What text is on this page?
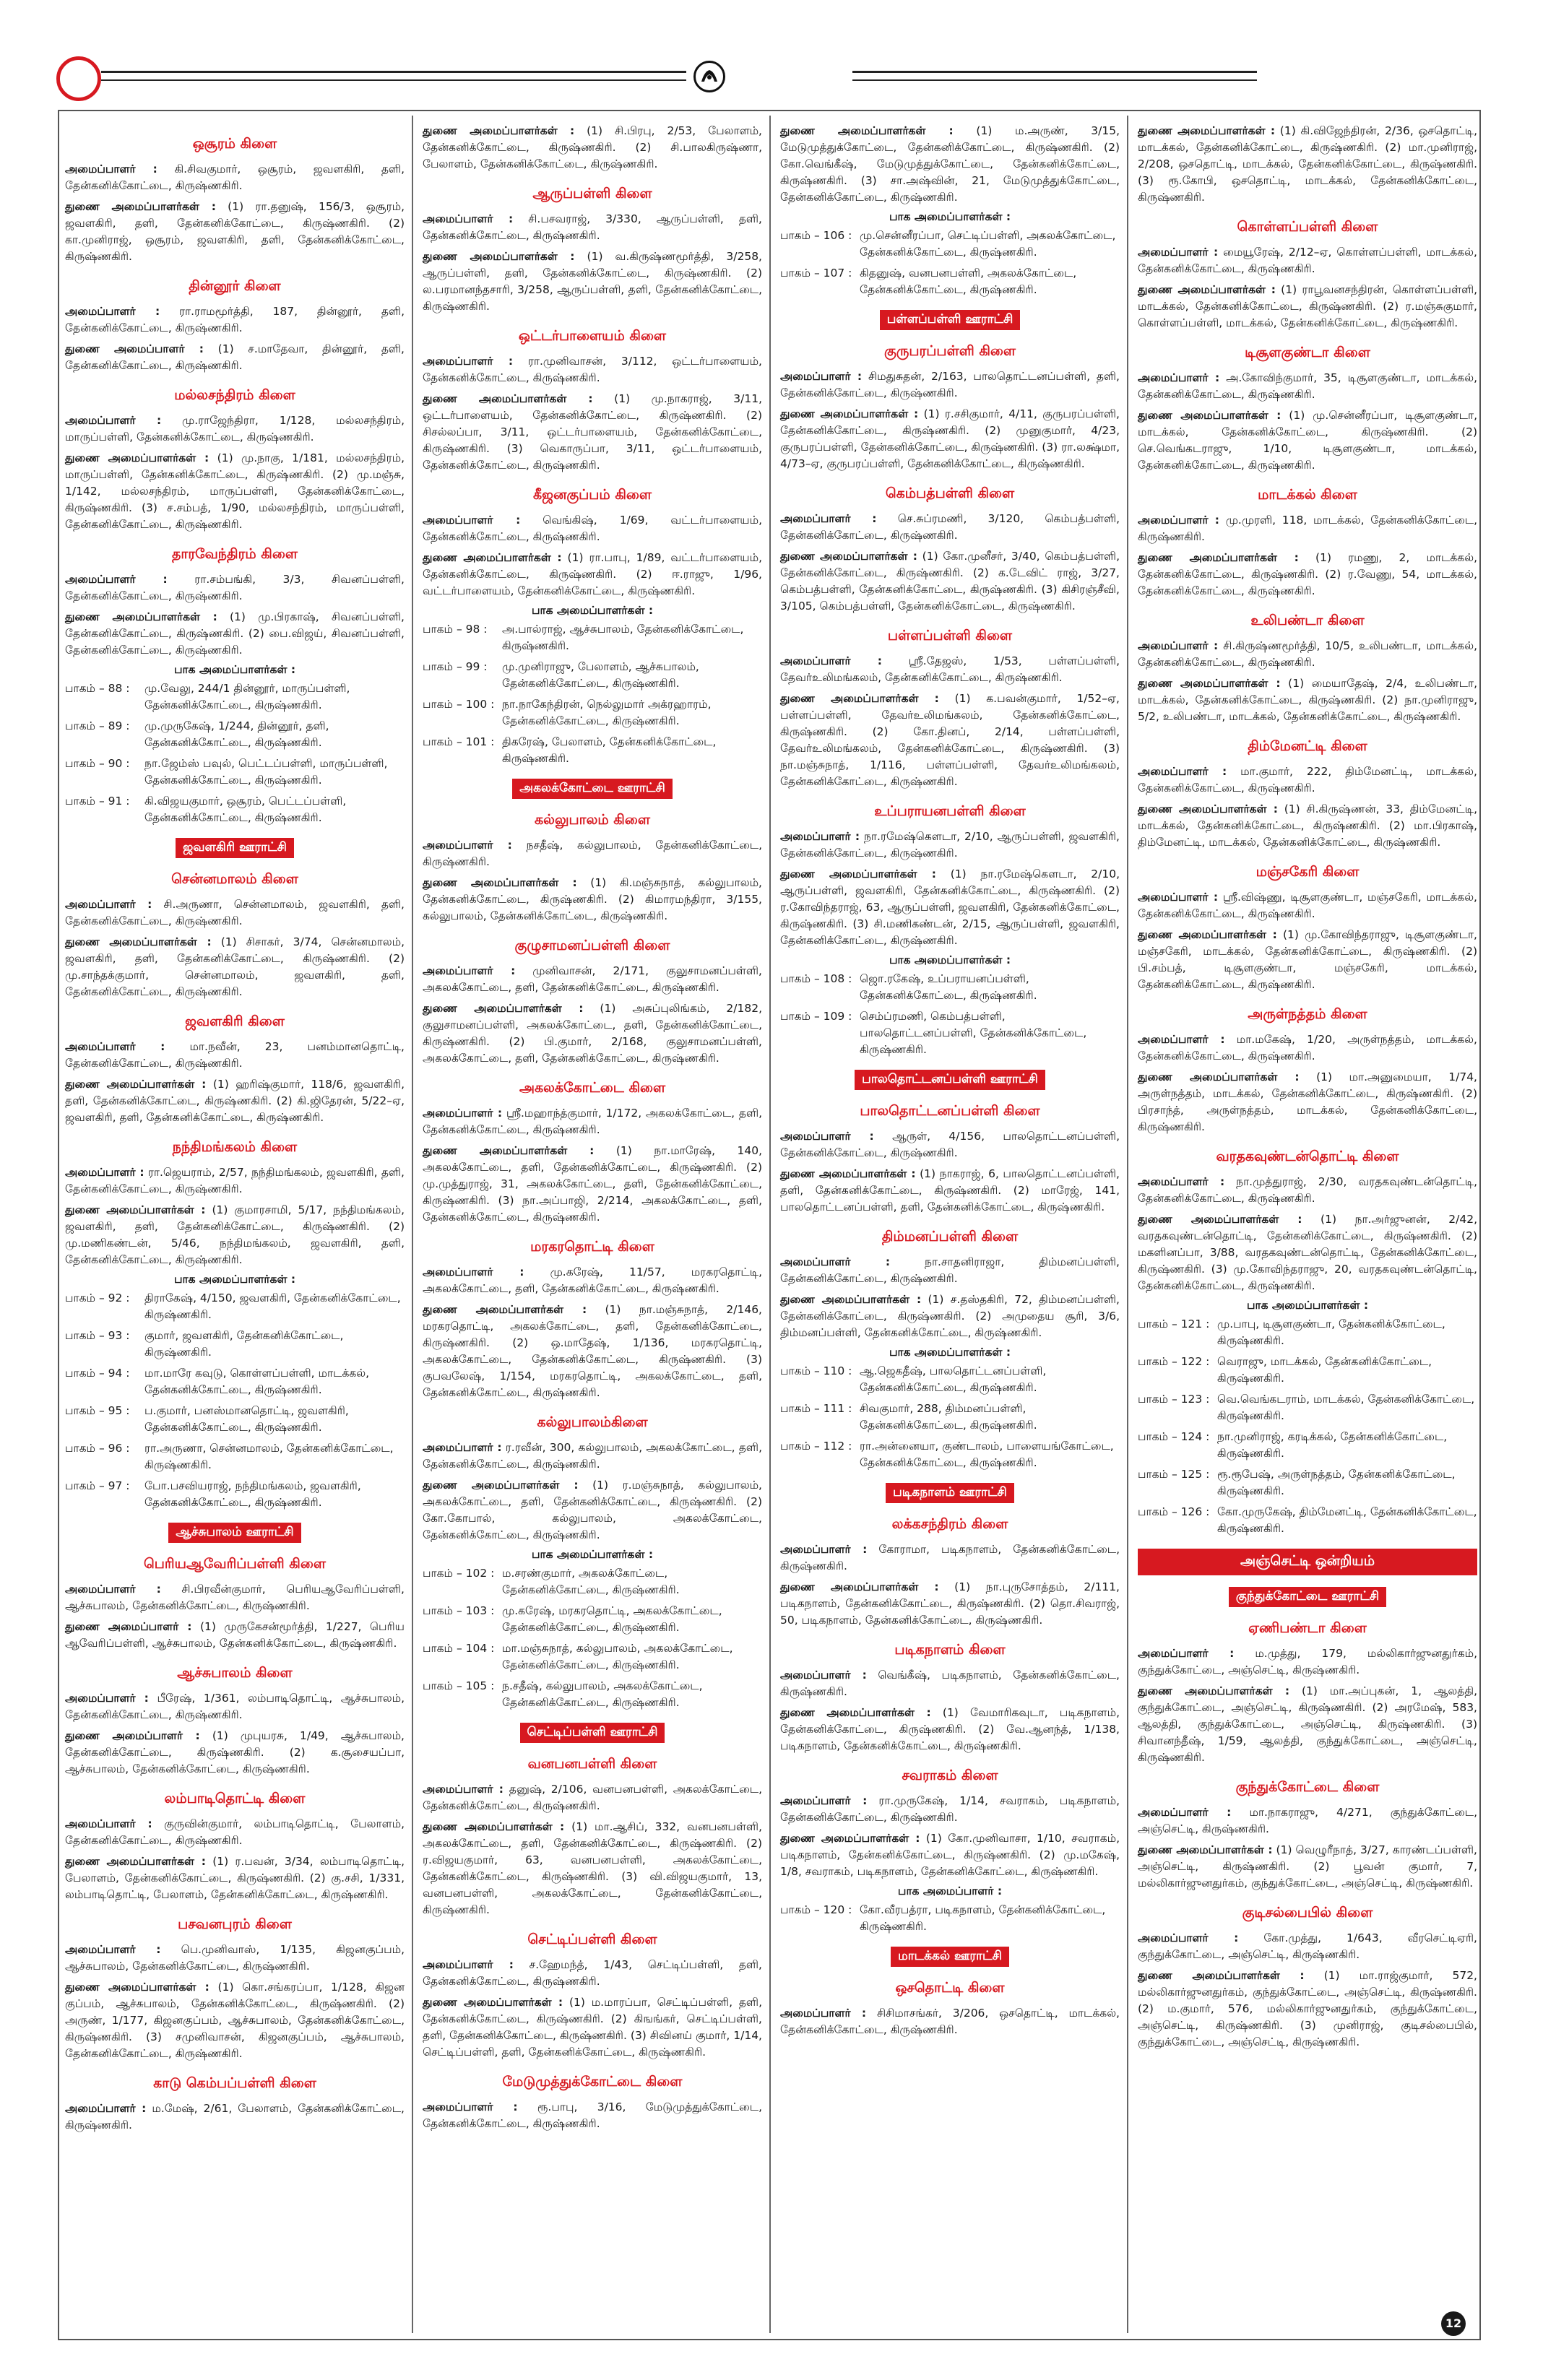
ஒசூரம் கிளை

அமைப்பாளர் : கி.சிவகுமார், ஒசூரம், ஜவளகிரி, தளி, தேன்கனிக்கோட்டை, கிருஷ்ணகிரி.

துணை அமைப்பாளர்கள் : (1) ரா.தனுஷ், 156/3, ஒசூரம், ஜவளகிரி, தளி, தேன்கனிக்கோட்டை, கிருஷ்ணகிரி. (2) கா.முனிராஜ், ஒசூரம், ஜவளகிரி, தளி, தேன்கனிக்கோட்டை, கிருஷ்ணகிரி.

தின்னூர் கிளை

அமைப்பாளர் : ரா.ராமமூர்த்தி, 187, தின்னூர், தளி, தேன்கனிக்கோட்டை, கிருஷ்ணகிரி.

துணை அமைப்பாளர் : (1) ச.மாதேவா, தின்னூர், தளி, தேன்கனிக்கோட்டை, கிருஷ்ணகிரி.

மல்லசந்திரம் கிளை

அமைப்பாளர் : மு.ராஜேந்திரா, 1/128, மல்லசந்திரம், மாருப்பள்ளி, தேன்கனிக்கோட்டை, கிருஷ்ணகிரி.

துணை அமைப்பாளர்கள் : (1) மு.நாகு, 1/181, மல்லசந்திரம், மாருப்பள்ளி, தேன்கனிக்கோட்டை, கிருஷ்ணகிரி. (2) மு.மஞ்சு, 1/142, மல்லசந்திரம், மாருப்பள்ளி, தேன்கனிக்கோட்டை, கிருஷ்ணகிரி. (3) ச.சம்பத், 1/90, மல்லசந்திரம், மாருப்பள்ளி, தேன்கனிக்கோட்டை, கிருஷ்ணகிரி.

தாரவேந்திரம் கிளை

அமைப்பாளர் : ரா.சம்பங்கி, 3/3, சிவனப்பள்ளி, தேன்கனிக்கோட்டை, கிருஷ்ணகிரி.

துணை அமைப்பாளர்கள் : (1) மு.பிரகாஷ், சிவனப்பள்ளி, தேன்கனிக்கோட்டை, கிருஷ்ணகிரி. (2) பை.விஜய், சிவனப்பள்ளி, தேன்கனிக்கோட்டை, கிருஷ்ணகிரி.

பாக அமைப்பாளர்கள் :
பாகம் – 88 :	மு.வேலு, 244/1 தின்னூர், மாருப்பள்ளி, தேன்கனிக்கோட்டை, கிருஷ்ணகிரி.
பாகம் – 89 :	மு.முருகேஷ், 1/244, தின்னூர், தளி, தேன்கனிக்கோட்டை, கிருஷ்ணகிரி.
பாகம் – 90 :	நா.ஜேம்ஸ் பவுல், பெட்டப்பள்ளி, மாருப்பள்ளி, தேன்கனிக்கோட்டை, கிருஷ்ணகிரி.
பாகம் – 91 :	கி.விஜயகுமார், ஒசூரம், பெட்டப்பள்ளி, தேன்கனிக்கோட்டை, கிருஷ்ணகிரி.
ஜவளகிரி ஊராட்சி
சென்னமாலம் கிளை

அமைப்பாளர் : சி.அருணா, சென்னமாலம், ஜவளகிரி, தளி, தேன்கனிக்கோட்டை, கிருஷ்ணகிரி.

துணை அமைப்பாளர்கள் : (1) சிசாகர், 3/74, சென்னமாலம், ஜவளகிரி, தளி, தேன்கனிக்கோட்டை, கிருஷ்ணகிரி. (2) மு.சாந்தக்குமார், சென்னமாலம், ஜவளகிரி, தளி, தேன்கனிக்கோட்டை, கிருஷ்ணகிரி.

ஜவளகிரி கிளை

அமைப்பாளர் : மா.நவீன், 23, பனம்மானதொட்டி, தேன்கனிக்கோட்டை, கிருஷ்ணகிரி.

துணை அமைப்பாளர்கள் : (1) ஹரிஷ்குமார், 118/6, ஜவளகிரி, தளி, தேன்கனிக்கோட்டை, கிருஷ்ணகிரி. (2) கி.ஜிதேரன், 5/22–ஏ, ஜவளகிரி, தளி, தேன்கனிக்கோட்டை, கிருஷ்ணகிரி.

நந்திமங்கலம் கிளை

அமைப்பாளர் : ரா.ஜெயராம், 2/57, நந்திமங்கலம், ஜவளகிரி, தளி, தேன்கனிக்கோட்டை, கிருஷ்ணகிரி.

துணை அமைப்பாளர்கள் : (1) குமாரசாமி, 5/17, நந்திமங்கலம், ஜவளகிரி, தளி, தேன்கனிக்கோட்டை, கிருஷ்ணகிரி. (2) மு.மணிகண்டன், 5/46, நந்திமங்கலம், ஜவளகிரி, தளி, தேன்கனிக்கோட்டை, கிருஷ்ணகிரி.

பாக அமைப்பாளர்கள் :
பாகம் – 92 :	திராகேஷ், 4/150, ஜவளகிரி, தேன்கனிக்கோட்டை, கிருஷ்ணகிரி.
பாகம் – 93 :	குமார், ஜவளகிரி, தேன்கனிக்கோட்டை, கிருஷ்ணகிரி.
பாகம் – 94 :	மா.மாரே கவுடு, கொள்ளப்பள்ளி, மாடக்கல், தேன்கனிக்கோட்டை, கிருஷ்ணகிரி.
பாகம் – 95 :	ப.குமார், பனஸ்மானதொட்டி, ஜவளகிரி, தேன்கனிக்கோட்டை, கிருஷ்ணகிரி.
பாகம் – 96 :	ரா.அருணா, சென்னமாலம், தேன்கனிக்கோட்டை, கிருஷ்ணகிரி.
பாகம் – 97 :	போ.பசவியராஜ், நந்திமங்கலம், ஜவளகிரி, தேன்கனிக்கோட்டை, கிருஷ்ணகிரி.
ஆச்சுபாலம் ஊராட்சி
பெரியஆவேரிப்பள்ளி கிளை

அமைப்பாளர் : சி.பிரவீன்குமார், பெரியஆவேரிப்பள்ளி, ஆச்சுபாலம், தேன்கனிக்கோட்டை, கிருஷ்ணகிரி.

துணை அமைப்பாளர் : (1) முருகேசன்மூர்த்தி, 1/227, பெரிய ஆவேரிப்பள்ளி, ஆச்சுபாலம், தேன்கனிக்கோட்டை, கிருஷ்ணகிரி.

ஆச்சுபாலம் கிளை

அமைப்பாளர் : பீரேஷ், 1/361, லம்பாடிதொட்டி, ஆச்சுபாலம், தேன்கனிக்கோட்டை, கிருஷ்ணகிரி.

துணை அமைப்பாளர் : (1) முபுயரசு, 1/49, ஆச்சுபாலம், தேன்கனிக்கோட்டை, கிருஷ்ணகிரி. (2) க.சூசையப்பா, ஆச்சுபாலம், தேன்கனிக்கோட்டை, கிருஷ்ணகிரி.

லம்பாடிதொட்டி கிளை

அமைப்பாளர் : குருவின்குமார், லம்பாடிதொட்டி, பேலாளம், தேன்கனிக்கோட்டை, கிருஷ்ணகிரி.

துணை அமைப்பாளர்கள் : (1) ர.பவன், 3/34, லம்பாடிதொட்டி, பேலாளம், தேன்கனிக்கோட்டை, கிருஷ்ணகிரி. (2) கு.சசி, 1/331, லம்பாடிதொட்டி, பேலாளம், தேன்கனிக்கோட்டை, கிருஷ்ணகிரி.

பசவனபுரம் கிளை

அமைப்பாளர் : பெ.முனிவாஸ், 1/135, கிஜனகுப்பம், ஆச்சுபாலம், தேன்கனிக்கோட்டை, கிருஷ்ணகிரி.

துணை அமைப்பாளர்கள் : (1) கொ.சங்கரப்பா, 1/128, கிஜன குப்பம், ஆச்சுபாலம், தேன்கனிக்கோட்டை, கிருஷ்ணகிரி. (2) அருண், 1/177, கிஜனகுப்பம், ஆச்சுபாலம், தேன்கனிக்கோட்டை, கிருஷ்ணகிரி. (3) சமுனிவாசன், கிஜனகுப்பம், ஆச்சுபாலம், தேன்கனிக்கோட்டை, கிருஷ்ணகிரி.

காடு கெம்பப்பள்ளி கிளை

அமைப்பாளர் : ம.மேஷ், 2/61, பேலாளம், தேன்கனிக்கோட்டை, கிருஷ்ணகிரி.

துணை அமைப்பாளர்கள் : (1) சி.பிரபு, 2/53, பேலாளம், தேன்கனிக்கோட்டை, கிருஷ்ணகிரி. (2) சி.பாலகிருஷ்ணா, பேலாளம், தேன்கனிக்கோட்டை, கிருஷ்ணகிரி.

ஆருப்பள்ளி கிளை

அமைப்பாளர் : சி.பசவராஜ், 3/330, ஆருப்பள்ளி, தளி, தேன்கனிக்கோட்டை, கிருஷ்ணகிரி.

துணை அமைப்பாளர்கள் : (1) வ.கிருஷ்ணமூர்த்தி, 3/258, ஆருப்பள்ளி, தளி, தேன்கனிக்கோட்டை, கிருஷ்ணகிரி. (2) ல.பரமானந்தசாரி, 3/258, ஆருப்பள்ளி, தளி, தேன்கனிக்கோட்டை, கிருஷ்ணகிரி.

ஒட்டர்பாளையம் கிளை

அமைப்பாளர் : ரா.முனிவாசன், 3/112, ஒட்டர்பாளையம், தேன்கனிக்கோட்டை, கிருஷ்ணகிரி.

துணை அமைப்பாளர்கள் : (1) மு.நாகராஜ், 3/11, ஒட்டர்பாளையம், தேன்கனிக்கோட்டை, கிருஷ்ணகிரி. (2) சிசல்லப்பா, 3/11, ஒட்டர்பாளையம், தேன்கனிக்கோட்டை, கிருஷ்ணகிரி. (3) வெகாருப்பா, 3/11, ஒட்டர்பாளையம், தேன்கனிக்கோட்டை, கிருஷ்ணகிரி.

கீஜனகுப்பம் கிளை

அமைப்பாளர் : வெங்கிஷ், 1/69, வட்டர்பாளையம், தேன்கனிக்கோட்டை, கிருஷ்ணகிரி.

துணை அமைப்பாளர்கள் : (1) ரா.பாபு, 1/89, வட்டர்பாளையம், தேன்கனிக்கோட்டை, கிருஷ்ணகிரி. (2) ஈ.ராஜு, 1/96, வட்டர்பாளையம், தேன்கனிக்கோட்டை, கிருஷ்ணகிரி.

பாக அமைப்பாளர்கள் :
பாகம் – 98 :	அ.பால்ராஜ், ஆச்சுபாலம், தேன்கனிக்கோட்டை, கிருஷ்ணகிரி.
பாகம் – 99 :	மு.முனிராஜு, பேலாளம், ஆச்சுபாலம், தேன்கனிக்கோட்டை, கிருஷ்ணகிரி.
பாகம் – 100 : நா.நாகேந்திரன், நெல்லுமார் அக்ரஹாரம், தேன்கனிக்கோட்டை, கிருஷ்ணகிரி.
பாகம் – 101 : திகரேஷ், பேலாளம், தேன்கனிக்கோட்டை, கிருஷ்ணகிரி.
அகலக்கோட்டை ஊராட்சி
கல்லுபாலம் கிளை

அமைப்பாளர் : நசதீஷ், கல்லுபாலம், தேன்கனிக்கோட்டை, கிருஷ்ணகிரி.

துணை அமைப்பாளர்கள் : (1) கி.மஞ்சுநாத், கல்லுபாலம், தேன்கனிக்கோட்டை, கிருஷ்ணகிரி. (2) கிமாரமந்திரா, 3/155, கல்லுபாலம், தேன்கனிக்கோட்டை, கிருஷ்ணகிரி.

குழுசாமனப்பள்ளி கிளை

அமைப்பாளர் : முனிவாசன், 2/171, குலுசாமனப்பள்ளி, அகலக்கோட்டை, தளி, தேன்கனிக்கோட்டை, கிருஷ்ணகிரி.

துணை அமைப்பாளர்கள் : (1) அசுப்புலிங்கம், 2/182, குலுசாமனப்பள்ளி, அகலக்கோட்டை, தளி, தேன்கனிக்கோட்டை, கிருஷ்ணகிரி. (2) பி.குமார், 2/168, குலுசாமனப்பள்ளி, அகலக்கோட்டை, தளி, தேன்கனிக்கோட்டை, கிருஷ்ணகிரி.

அகலக்கோட்டை கிளை

அமைப்பாளர் : ஸ்ரீ.மஹாந்த்குமார், 1/172, அகலக்கோட்டை, தளி, தேன்கனிக்கோட்டை, கிருஷ்ணகிரி.

துணை அமைப்பாளர்கள் : (1) நா.மாரேஷ், 140, அகலக்கோட்டை, தளி, தேன்கனிக்கோட்டை, கிருஷ்ணகிரி. (2) மு.முத்துராஜ், 31, அகலக்கோட்டை, தளி, தேன்கனிக்கோட்டை, கிருஷ்ணகிரி. (3) நா.அப்பாஜி, 2/214, அகலக்கோட்டை, தளி, தேன்கனிக்கோட்டை, கிருஷ்ணகிரி.

மரகரதொட்டி கிளை

அமைப்பாளர் : மு.கரேஷ், 11/57, மரகரதொட்டி, அகலக்கோட்டை, தளி, தேன்கனிக்கோட்டை, கிருஷ்ணகிரி.

துணை அமைப்பாளர்கள் : (1) நா.மஞ்சுநாத், 2/146, மரகரதொட்டி, அகலக்கோட்டை, தளி, தேன்கனிக்கோட்டை, கிருஷ்ணகிரி. (2) ஒ.மாதேஷ், 1/136, மரகரதொட்டி, அகலக்கோட்டை, தேன்கனிக்கோட்டை, கிருஷ்ணகிரி. (3) குபவலேஷ், 1/154, மரகரதொட்டி, அகலக்கோட்டை, தளி, தேன்கனிக்கோட்டை, கிருஷ்ணகிரி.

கல்லுபாலம்கிளை

அமைப்பாளர் : ர.ரவீன், 300, கல்லுபாலம், அகலக்கோட்டை, தளி, தேன்கனிக்கோட்டை, கிருஷ்ணகிரி.

துணை அமைப்பாளர்கள் : (1) ர.மஞ்சுநாத், கல்லுபாலம், அகலக்கோட்டை, தளி, தேன்கனிக்கோட்டை, கிருஷ்ணகிரி. (2) கோ.கோபால், கல்லுபாலம், அகலக்கோட்டை, தேன்கனிக்கோட்டை, கிருஷ்ணகிரி.

பாக அமைப்பாளர்கள் :
பாகம் – 102 : ம.சரண்குமார், அகலக்கோட்டை, தேன்கனிக்கோட்டை, கிருஷ்ணகிரி.
பாகம் – 103 : மு.கரேஷ், மரகரதொட்டி, அகலக்கோட்டை, தேன்கனிக்கோட்டை, கிருஷ்ணகிரி.
பாகம் – 104 : மா.மஞ்சுநாத், கல்லுபாலம், அகலக்கோட்டை, தேன்கனிக்கோட்டை, கிருஷ்ணகிரி.
பாகம் – 105 : ந.சதீஷ், கல்லுபாலம், அகலக்கோட்டை, தேன்கனிக்கோட்டை, கிருஷ்ணகிரி.
செட்டிப்பள்ளி ஊராட்சி
வனபனபள்ளி கிளை

அமைப்பாளர் : தனுஷ், 2/106, வனபனபள்ளி, அகலக்கோட்டை, தேன்கனிக்கோட்டை, கிருஷ்ணகிரி.

துணை அமைப்பாளர்கள் : (1) மா.ஆசிப், 332, வனபனபள்ளி, அகலக்கோட்டை, தளி, தேன்கனிக்கோட்டை, கிருஷ்ணகிரி. (2) ர.விஜயகுமார், 63, வனபனபள்ளி, அகலக்கோட்டை, தேன்கனிக்கோட்டை, கிருஷ்ணகிரி. (3) வி.விஜயகுமார், 13, வனபனபள்ளி, அகலக்கோட்டை, தேன்கனிக்கோட்டை, கிருஷ்ணகிரி.

செட்டிப்பள்ளி கிளை

அமைப்பாளர் : ச.ஹேமந்த், 1/43, செட்டிப்பள்ளி, தளி, தேன்கனிக்கோட்டை, கிருஷ்ணகிரி.

துணை அமைப்பாளர்கள் : (1) ம.மாரப்பா, செட்டிப்பள்ளி, தளி, தேன்கனிக்கோட்டை, கிருஷ்ணகிரி. (2) கிஙங்கர், செட்டிப்பள்ளி, தளி, தேன்கனிக்கோட்டை, கிருஷ்ணகிரி. (3) சிவினய் குமார், 1/14, செட்டிப்பள்ளி, தளி, தேன்கனிக்கோட்டை, கிருஷ்ணகிரி.

மேடுமுத்துக்கோட்டை கிளை

அமைப்பாளர் : ரூ.பாபு, 3/16, மேடுமுத்துக்கோட்டை, தேன்கனிக்கோட்டை, கிருஷ்ணகிரி.

துணை அமைப்பாளர்கள் : (1) ம.அருண், 3/15, மேடுமுத்துக்கோட்டை, தேன்கனிக்கோட்டை, கிருஷ்ணகிரி. (2) கோ.வெங்கீஷ், மேடுமுத்துக்கோட்டை, தேன்கனிக்கோட்டை, கிருஷ்ணகிரி. (3) சா.அஷ்வின், 21, மேடுமுத்துக்கோட்டை, தேன்கனிக்கோட்டை, கிருஷ்ணகிரி.

பாக அமைப்பாளர்கள் :
பாகம் – 106 : மு.சென்னீரப்பா, செட்டிப்பள்ளி, அகலக்கோட்டை, தேன்கனிக்கோட்டை, கிருஷ்ணகிரி.
பாகம் – 107 : கிதனுஷ், வனபனபள்ளி, அகலக்கோட்டை, தேன்கனிக்கோட்டை, கிருஷ்ணகிரி.
பள்ளப்பள்ளி ஊராட்சி
குருபரப்பள்ளி கிளை

அமைப்பாளர் : சிமதுசுதன், 2/163, பாலதொட்டனப்பள்ளி, தளி, தேன்கனிக்கோட்டை, கிருஷ்ணகிரி.

துணை அமைப்பாளர்கள் : (1) ர.சசிகுமார், 4/11, குருபரப்பள்ளி, தேன்கனிக்கோட்டை, கிருஷ்ணகிரி. (2) முனுகுமார், 4/23, குருபரப்பள்ளி, தேன்கனிக்கோட்டை, கிருஷ்ணகிரி. (3) ரா.லக்ஷ்மா, 4/73–ஏ, குருபரப்பள்ளி, தேன்கனிக்கோட்டை, கிருஷ்ணகிரி.

கெம்பத்பள்ளி கிளை

அமைப்பாளர் : செ.சுப்ரமணி, 3/120, கெம்பத்பள்ளி, தேன்கனிக்கோட்டை, கிருஷ்ணகிரி.

துணை அமைப்பாளர்கள் : (1) கோ.முனீசர், 3/40, கெம்பத்பள்ளி, தேன்கனிக்கோட்டை, கிருஷ்ணகிரி. (2) க.டேவிட் ராஜ், 3/27, கெம்பத்பள்ளி, தேன்கனிக்கோட்டை, கிருஷ்ணகிரி. (3) கிசிரஞ்சீவி, 3/105, கெம்பத்பள்ளி, தேன்கனிக்கோட்டை, கிருஷ்ணகிரி.

பள்ளப்பள்ளி கிளை

அமைப்பாளர் : ஸ்ரீ.தேஜஸ், 1/53, பள்ளப்பள்ளி, தேவர்உலிமங்கலம், தேன்கனிக்கோட்டை, கிருஷ்ணகிரி.

துணை அமைப்பாளர்கள் : (1) க.பவன்குமார், 1/52–ஏ, பள்ளப்பள்ளி, தேவர்உலிமங்கலம், தேன்கனிக்கோட்டை, கிருஷ்ணகிரி. (2) கோ.தினப், 2/14, பள்ளப்பள்ளி, தேவர்உலிமங்கலம், தேன்கனிக்கோட்டை, கிருஷ்ணகிரி. (3) நா.மஞ்சுநாத், 1/116, பள்ளப்பள்ளி, தேவர்உலிமங்கலம், தேன்கனிக்கோட்டை, கிருஷ்ணகிரி.

உப்பராயனபள்ளி கிளை

அமைப்பாளர் : நா.ரமேஷ்கெளடா, 2/10, ஆருப்பள்ளி, ஜவளகிரி, தேன்கனிக்கோட்டை, கிருஷ்ணகிரி.

துணை அமைப்பாளர்கள் : (1) நா.ரமேஷ்கெளடா, 2/10, ஆருப்பள்ளி, ஜவளகிரி, தேன்கனிக்கோட்டை, கிருஷ்ணகிரி. (2) ர.கோவிந்தராஜ், 63, ஆருப்பள்ளி, ஜவளகிரி, தேன்கனிக்கோட்டை, கிருஷ்ணகிரி. (3) சி.மணிகண்டன், 2/15, ஆருப்பள்ளி, ஜவளகிரி, தேன்கனிக்கோட்டை, கிருஷ்ணகிரி.

பாக அமைப்பாளர்கள் :
பாகம் – 108 : ஜொ.ரகேஷ், உப்பராயனப்பள்ளி, தேன்கனிக்கோட்டை, கிருஷ்ணகிரி.
பாகம் – 109 : செம்ப்ரமணி, கெம்பத்பள்ளி, பாலதொட்டனப்பள்ளி, தேன்கனிக்கோட்டை, கிருஷ்ணகிரி.
பாலதொட்டனப்பள்ளி ஊராட்சி
பாலதொட்டனப்பள்ளி கிளை

அமைப்பாளர் : ஆருள், 4/156, பாலதொட்டனப்பள்ளி, தேன்கனிக்கோட்டை, கிருஷ்ணகிரி.

துணை அமைப்பாளர்கள் : (1) நாகராஜ், 6, பாலதொட்டனப்பள்ளி, தளி, தேன்கனிக்கோட்டை, கிருஷ்ணகிரி. (2) மாரேஜ், 141, பாலதொட்டனப்பள்ளி, தளி, தேன்கனிக்கோட்டை, கிருஷ்ணகிரி.

திம்மனப்பள்ளி கிளை

அமைப்பாளர் :	நா.சாதனிராஜா, திம்மனப்பள்ளி, தேன்கனிக்கோட்டை, கிருஷ்ணகிரி.

துணை அமைப்பாளர்கள் : (1) ச.தஸ்தகிரி, 72, திம்மனப்பள்ளி, தேன்கனிக்கோட்டை, கிருஷ்ணகிரி. (2) அமுதைய சூரி, 3/6, திம்மனப்பள்ளி, தேன்கனிக்கோட்டை, கிருஷ்ணகிரி.

பாக அமைப்பாளர்கள் :
பாகம் – 110 : ஆ.ஜெகதீஷ், பாலதொட்டனப்பள்ளி, தேன்கனிக்கோட்டை, கிருஷ்ணகிரி.
பாகம் – 111 : சிவகுமார், 288, திம்மனப்பள்ளி, தேன்கனிக்கோட்டை, கிருஷ்ணகிரி.
பாகம் – 112 : ரா.அன்னையா, குண்டாலம், பாளையங்கோட்டை, தேன்கனிக்கோட்டை, கிருஷ்ணகிரி.
படிகநாளம் ஊராட்சி
லக்கசந்திரம் கிளை

அமைப்பாளர் : கோராமா, படிகநாளம், தேன்கனிக்கோட்டை, கிருஷ்ணகிரி.

துணை அமைப்பாளர்கள் : (1) நா.புருசோத்தம், 2/111, படிகநாளம், தேன்கனிக்கோட்டை, கிருஷ்ணகிரி. (2) தொ.சிவராஜ், 50, படிகநாளம், தேன்கனிக்கோட்டை, கிருஷ்ணகிரி.

படிகநாளம் கிளை

அமைப்பாளர் : வெங்கீஷ், படிகநாளம், தேன்கனிக்கோட்டை, கிருஷ்ணகிரி.

துணை அமைப்பாளர்கள் : (1) வேமாரிகவுடா, படிகநாளம், தேன்கனிக்கோட்டை, கிருஷ்ணகிரி. (2) வே.ஆனந்த், 1/138, படிகநாளம், தேன்கனிக்கோட்டை, கிருஷ்ணகிரி.

சவராகம் கிளை

அமைப்பாளர் : ரா.முருகேஷ், 1/14, சவராகம், படிகநாளம், தேன்கனிக்கோட்டை, கிருஷ்ணகிரி.

துணை அமைப்பாளர்கள் : (1) கோ.முனிவாசா, 1/10, சவராகம், படிகநாளம், தேன்கனிக்கோட்டை, கிருஷ்ணகிரி. (2) மு.மகேஷ், 1/8, சவராகம், படிகநாளம், தேன்கனிக்கோட்டை, கிருஷ்ணகிரி.

பாக அமைப்பாளர் :
பாகம் – 120 : கோ.வீரபத்ரா, படிகநாளம், தேன்கனிக்கோட்டை, கிருஷ்ணகிரி.
மாடக்கல் ஊராட்சி
ஒசதொட்டி கிளை

அமைப்பாளர் : சிசிமாசங்கர், 3/206, ஒசதொட்டி, மாடக்கல், தேன்கனிக்கோட்டை, கிருஷ்ணகிரி.

துணை அமைப்பாளர்கள் : (1) கி.விஜேந்திரன், 2/36, ஒசதொட்டி, மாடக்கல், தேன்கனிக்கோட்டை, கிருஷ்ணகிரி. (2) மா.முனிராஜ், 2/208, ஒசதொட்டி, மாடக்கல், தேன்கனிக்கோட்டை, கிருஷ்ணகிரி. (3) ரூ.கோபி, ஒசதொட்டி, மாடக்கல், தேன்கனிக்கோட்டை, கிருஷ்ணகிரி.

கொள்ளப்பள்ளி கிளை

அமைப்பாளர் : மையூரேஷ், 2/12–ஏ, கொள்ளப்பள்ளி, மாடக்கல், தேன்கனிக்கோட்டை, கிருஷ்ணகிரி.

துணை அமைப்பாளர்கள் : (1) ராபூவனசந்திரன், கொள்ளப்பள்ளி, மாடக்கல், தேன்கனிக்கோட்டை, கிருஷ்ணகிரி. (2) ர.மஞ்சுகுமார், கொள்ளப்பள்ளி, மாடக்கல், தேன்கனிக்கோட்டை, கிருஷ்ணகிரி.

டிசூளகுண்டா கிளை

அமைப்பாளர் : அ.கோவிந்குமார், 35, டிசூளகுண்டா, மாடக்கல், தேன்கனிக்கோட்டை, கிருஷ்ணகிரி.

துணை அமைப்பாளர்கள் : (1) மு.சென்னீரப்பா, டிசூளகுண்டா, மாடக்கல், தேன்கனிக்கோட்டை, கிருஷ்ணகிரி. (2) செ.வெங்கடராஜு, 1/10, டிசூளகுண்டா, மாடக்கல், தேன்கனிக்கோட்டை, கிருஷ்ணகிரி.

மாடக்கல் கிளை

அமைப்பாளர் : மு.முரளி, 118, மாடக்கல், தேன்கனிக்கோட்டை, கிருஷ்ணகிரி.

துணை அமைப்பாளர்கள் : (1) ரமணு, 2, மாடக்கல், தேன்கனிக்கோட்டை, கிருஷ்ணகிரி. (2) ர.வேணு, 54, மாடக்கல், தேன்கனிக்கோட்டை, கிருஷ்ணகிரி.

உலிபண்டா கிளை

அமைப்பாளர் : சி.கிருஷ்ணமூர்த்தி, 10/5, உலிபண்டா, மாடக்கல், தேன்கனிக்கோட்டை, கிருஷ்ணகிரி.

துணை அமைப்பாளர்கள் : (1) மையாதேஷ், 2/4, உலிபண்டா, மாடக்கல், தேன்கனிக்கோட்டை, கிருஷ்ணகிரி. (2) நா.முனிராஜு, 5/2, உலிபண்டா, மாடக்கல், தேன்கனிக்கோட்டை, கிருஷ்ணகிரி.

திம்மேனட்டி கிளை

அமைப்பாளர் : மா.குமார், 222, திம்மேனட்டி, மாடக்கல், தேன்கனிக்கோட்டை, கிருஷ்ணகிரி.

துணை அமைப்பாளர்கள் : (1) சி.கிருஷ்ணன், 33, திம்மேனட்டி, மாடக்கல், தேன்கனிக்கோட்டை, கிருஷ்ணகிரி. (2) மா.பிரகாஷ், திம்மேனட்டி, மாடக்கல், தேன்கனிக்கோட்டை, கிருஷ்ணகிரி.

மஞ்சகேரி கிளை

அமைப்பாளர் : ஸ்ரீ.விஷ்ணு, டிசூளகுண்டா, மஞ்சகேரி, மாடக்கல், தேன்கனிக்கோட்டை, கிருஷ்ணகிரி.

துணை அமைப்பாளர்கள் : (1) மு.கோவிந்தராஜு, டிசூளகுண்டா, மஞ்சகேரி, மாடக்கல், தேன்கனிக்கோட்டை, கிருஷ்ணகிரி. (2) பி.சம்பத், டிசூளகுண்டா, மஞ்சகேரி, மாடக்கல், தேன்கனிக்கோட்டை, கிருஷ்ணகிரி.

அருள்நத்தம் கிளை

அமைப்பாளர் : மா.மகேஷ், 1/20, அருள்நத்தம், மாடக்கல், தேன்கனிக்கோட்டை, கிருஷ்ணகிரி.

துணை அமைப்பாளர்கள் : (1) மா.அனுமையா, 1/74, அருள்நத்தம், மாடக்கல், தேன்கனிக்கோட்டை, கிருஷ்ணகிரி. (2) பிரசாந்த், அருள்நத்தம், மாடக்கல், தேன்கனிக்கோட்டை, கிருஷ்ணகிரி.

வரதகவுண்டன்தொட்டி கிளை

அமைப்பாளர் : நா.முத்துராஜ், 2/30, வரதகவுண்டன்தொட்டி, தேன்கனிக்கோட்டை, கிருஷ்ணகிரி.

துணை அமைப்பாளர்கள் : (1) நா.அர்ஜுனன், 2/42, வரதகவுண்டன்தொட்டி, தேன்கனிக்கோட்டை, கிருஷ்ணகிரி. (2) மகளினப்பா, 3/88, வரதகவுண்டன்தொட்டி, தேன்கனிக்கோட்டை, கிருஷ்ணகிரி. (3) மு.கோவிந்தராஜு, 20, வரதகவுண்டன்தொட்டி, தேன்கனிக்கோட்டை, கிருஷ்ணகிரி.

பாக அமைப்பாளர்கள் :
பாகம் – 121 : மு.பாபு, டிசூளகுண்டா, தேன்கனிக்கோட்டை, கிருஷ்ணகிரி.
பாகம் – 122 : வெராஜு, மாடக்கல், தேன்கனிக்கோட்டை, கிருஷ்ணகிரி.
பாகம் – 123 : வெ.வெங்கடராம், மாடக்கல், தேன்கனிக்கோட்டை, கிருஷ்ணகிரி.
பாகம் – 124 : நா.முனிராஜ், கரடிக்கல், தேன்கனிக்கோட்டை, கிருஷ்ணகிரி.
பாகம் – 125 : ரூ.ரூபேஷ், அருள்நத்தம், தேன்கனிக்கோட்டை, கிருஷ்ணகிரி.
பாகம் – 126 : கோ.முருகேஷ், திம்மேனட்டி, தேன்கனிக்கோட்டை, கிருஷ்ணகிரி.
அஞ்செட்டி ஒன்றியம்
குந்துக்கோட்டை ஊராட்சி
ஏணிபண்டா கிளை

அமைப்பாளர் : ம.முத்து, 179, மல்லிகார்ஜுனதுர்கம், குந்துக்கோட்டை, அஞ்செட்டி, கிருஷ்ணகிரி.

துணை அமைப்பாளர்கள் : (1) மா.அப்புகன், 1, ஆலத்தி, குந்துக்கோட்டை, அஞ்செட்டி, கிருஷ்ணகிரி. (2) அரமேஷ், 583, ஆலத்தி, குந்துக்கோட்டை, அஞ்செட்டி, கிருஷ்ணகிரி. (3) சிவானந்தீஷ், 1/59, ஆலத்தி, குந்துக்கோட்டை, அஞ்செட்டி, கிருஷ்ணகிரி.

குந்துக்கோட்டை கிளை

அமைப்பாளர் : மா.நாகராஜு, 4/271, குந்துக்கோட்டை, அஞ்செட்டி, கிருஷ்ணகிரி.

துணை அமைப்பாளர்கள் : (1) வெழுரீநாத், 3/27, காரண்டப்பள்ளி, அஞ்செட்டி, கிருஷ்ணகிரி. (2) பூவன் குமார், 7, மல்லிகார்ஜுனதுர்கம், குந்துக்கோட்டை, அஞ்செட்டி, கிருஷ்ணகிரி.

குடிசல்பைபில் கிளை

அமைப்பாளர் : கோ.முத்து, 1/643, வீரசெட்டிஏரி, குந்துக்கோட்டை, அஞ்செட்டி, கிருஷ்ணகிரி.

துணை அமைப்பாளர்கள் : (1) மா.ராஜ்குமார், 572, மல்லிகார்ஜுனதுர்கம், குந்துக்கோட்டை, அஞ்செட்டி, கிருஷ்ணகிரி. (2) ம.குமார், 576, மல்லிகார்ஜுனதுர்கம், குந்துக்கோட்டை, அஞ்செட்டி, கிருஷ்ணகிரி. (3) முனிராஜ், குடிசல்பைபில், குந்துக்கோட்டை, அஞ்செட்டி, கிருஷ்ணகிரி.

12
